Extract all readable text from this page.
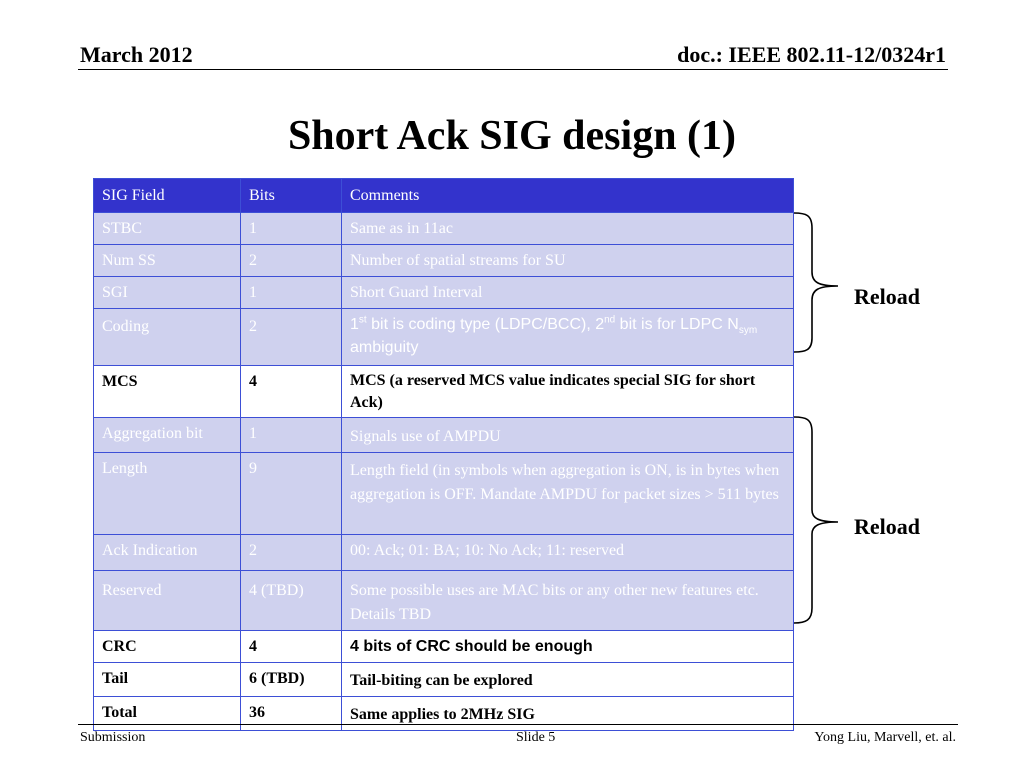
March 2012	doc.: IEEE 802.11-12/0324r1
Short Ack SIG design (1)
SIG Field	Bits	Comments
STBC	1	Same as in 11ac
Num SS	2	Number of spatial streams for SU
SGI	1	Short Guard Interval
Coding	2	1st bit is coding type (LDPC/BCC), 2nd bit is for LDPC $N_{sym}$ ambiguity
MCS	4	MCS (a reserved MCS value indicates special SIG for short Ack)
Aggregation bit	1	Signals use of AMPDU
Length	9	Length field (in symbols when aggregation is ON, is in bytes when aggregation is OFF. Mandate AMPDU for packet sizes > 511 bytes
Ack Indication	2	00: Ack; 01: BA; 10: No Ack; 11: reserved
Reserved	4 (TBD)	Some possible uses are MAC bits or any other new features etc. Details TBD
CRC	4	4 bits of CRC should be enough
Tail	6 (TBD)	Tail-biting can be explored
Total	36	Same applies to 2MHz SIG
Reload
Reload
Submission	Slide 5	Yong Liu, Marvell, et. al.
